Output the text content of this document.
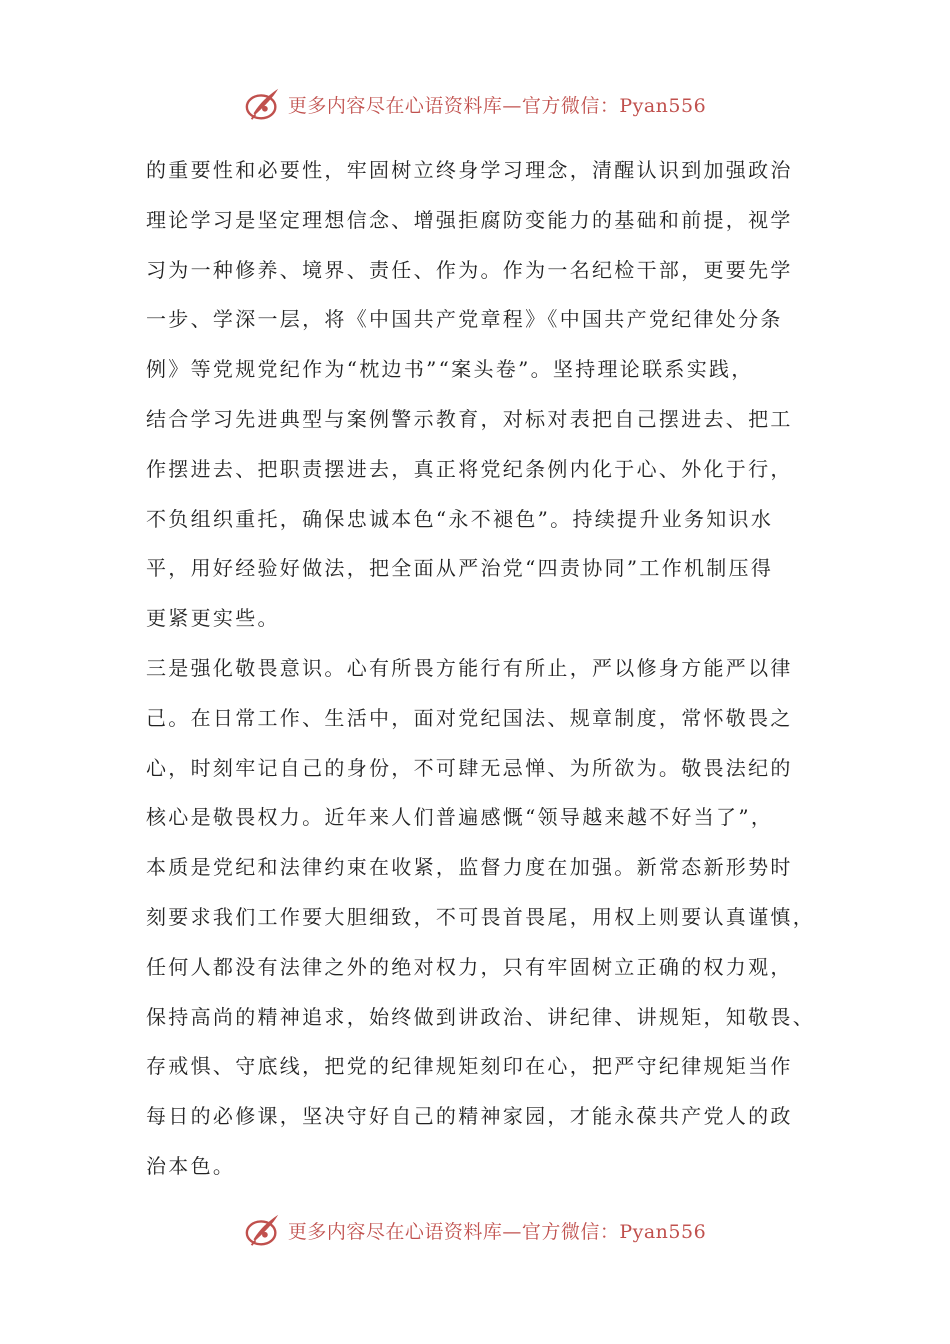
更多内容尽在心语资料库—官方微信：Pyan556
的重要性和必要性，牢固树立终身学习理念，清醒认识到加强政治
理论学习是坚定理想信念、增强拒腐防变能力的基础和前提，视学
习为一种修养、境界、责任、作为。作为一名纪检干部，更要先学
一步、学深一层，将《中国共产党章程》《中国共产党纪律处分条
例》等党规党纪作为“枕边书”“案头卷”。坚持理论联系实践，
结合学习先进典型与案例警示教育，对标对表把自己摆进去、把工
作摆进去、把职责摆进去，真正将党纪条例内化于心、外化于行，
不负组织重托，确保忠诚本色“永不褪色”。持续提升业务知识水
平，用好经验好做法，把全面从严治党“四责协同”工作机制压得
更紧更实些。
三是强化敬畏意识。心有所畏方能行有所止，严以修身方能严以律
己。在日常工作、生活中，面对党纪国法、规章制度，常怀敬畏之
心，时刻牢记自己的身份，不可肆无忌惮、为所欲为。敬畏法纪的
核心是敬畏权力。近年来人们普遍感慨“领导越来越不好当了”，
本质是党纪和法律约束在收紧，监督力度在加强。新常态新形势时
刻要求我们工作要大胆细致，不可畏首畏尾，用权上则要认真谨慎，
任何人都没有法律之外的绝对权力，只有牢固树立正确的权力观，
保持高尚的精神追求，始终做到讲政治、讲纪律、讲规矩，知敬畏、
存戒惧、守底线，把党的纪律规矩刻印在心，把严守纪律规矩当作
每日的必修课，坚决守好自己的精神家园，才能永葆共产党人的政
治本色。
更多内容尽在心语资料库—官方微信：Pyan556
